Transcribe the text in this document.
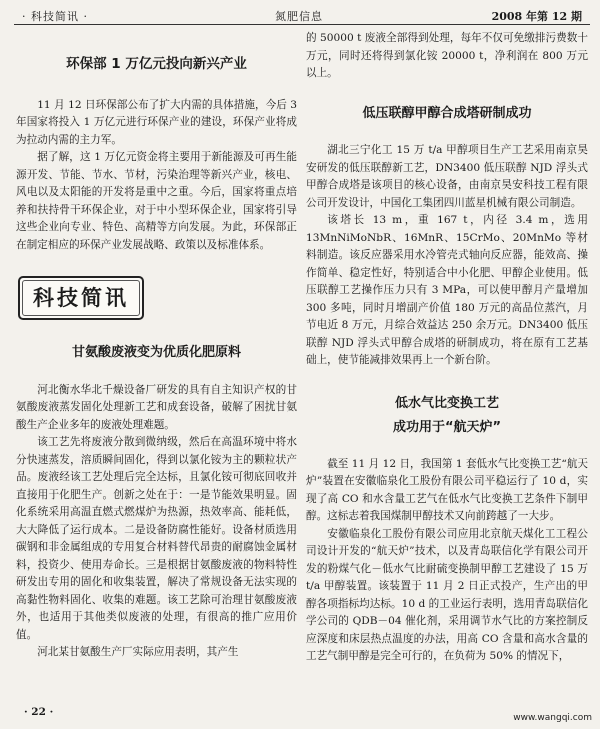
· 科技简讯 ·	氮肥信息	2008 年第 12 期
环保部 1 万亿元投向新兴产业

11 月 12 日环保部公布了扩大内需的具体措施，今后 3 年国家将投入 1 万亿元进行环保产业的建设，环保产业将成为拉动内需的主力军。

据了解，这 1 万亿元资金将主要用于新能源及可再生能源开发、节能、节水、节材，污染治理等新兴产业，核电、风电以及太阳能的开发将是重中之重。今后，国家将重点培养和扶持骨干环保企业，对于中小型环保企业，国家将引导这些企业向专业、特色、高精等方向发展。为此，环保部正在制定相应的环保产业发展战略、政策以及标准体系。

科技简讯
甘氨酸废液变为优质化肥原料

河北衡水华北千燥设备厂研发的具有自主知识产权的甘氨酸废液蒸发固化处理新工艺和成套设备，破解了困扰甘氨酸生产企业多年的废液处理难题。

该工艺先将废液分散到微纳级，然后在高温环境中将水分快速蒸发，溶质瞬间固化，得到以氯化铵为主的颗粒状产品。废液经该工艺处理后完全达标，且氯化铵可彻底回收并直接用于化肥生产。创新之处在于：一是节能效果明显。固化系统采用高温直燃式燃煤炉为热源，热效率高、能耗低，大大降低了运行成本。二是设备防腐性能好。设备材质选用碳钢和非金属组成的专用复合材料替代昂贵的耐腐蚀金属材料，投资少、使用寿命长。三是根据甘氨酸废液的物料特性研发出专用的固化和收集装置，解决了常规设备无法实现的高黏性物料固化、收集的难题。该工艺除可治理甘氨酸废液外，也适用于其他类似废液的处理，有很高的推广应用价值。

河北某甘氨酸生产厂实际应用表明，其产生

的 50000 t 废液全部得到处理，每年不仅可免缴排污费数十万元，同时还将得到氯化铵 20000 t，净利润在 800 万元以上。

低压联醇甲醇合成塔研制成功

湖北三宁化工 15 万 t/a 甲醇项目生产工艺采用南京昊安研发的低压联醇新工艺，DN3400 低压联醇 NJD 浮头式甲醇合成塔是该项目的核心设备，由南京昊安科技工程有限公司开发设计，中国化工集团四川蓝星机械有限公司制造。

该塔长 13 m，重 167 t，内径 3.4 m，选用 13MnNiMoNbR、16MnR、15CrMo、20MnMo 等材料制造。该反应器采用水冷管壳式轴向反应器，能效高、操作简单、稳定性好，特别适合中小化肥、甲醇企业使用。低压联醇工艺操作压力只有 3 MPa，可以使甲醇月产量增加 300 多吨，同时月增副产价值 180 万元的高品位蒸汽，月节电近 8 万元，月综合效益达 250 余万元。DN3400 低压联醇 NJD 浮头式甲醇合成塔的研制成功，将在原有工艺基础上，使节能减排效果再上一个新台阶。

低水气比变换工艺
成功用于“航天炉”

截至 11 月 12 日，我国第 1 套低水气比变换工艺“航天炉”装置在安徽临泉化工股份有限公司平稳运行了 10 d，实现了高 CO 和水含量工艺气在低水气比变换工艺条件下制甲醇。这标志着我国煤制甲醇技术又向前跨越了一大步。

安徽临泉化工股份有限公司应用北京航天煤化工工程公司设计开发的“航天炉”技术，以及青岛联信化学有限公司开发的粉煤气化－低水气比耐硫变换制甲醇工艺建设了 15 万 t/a 甲醇装置。该装置于 11 月 2 日正式投产，生产出的甲醇各项指标均达标。10 d 的工业运行表明，选用青岛联信化学公司的 QDB－04 催化剂，采用调节水气比的方案控制反应深度和床层热点温度的办法，用高 CO 含量和高水含量的工艺气制甲醇是完全可行的，在负荷为 50% 的情况下，

· 22 ·	www.wangqi.com
